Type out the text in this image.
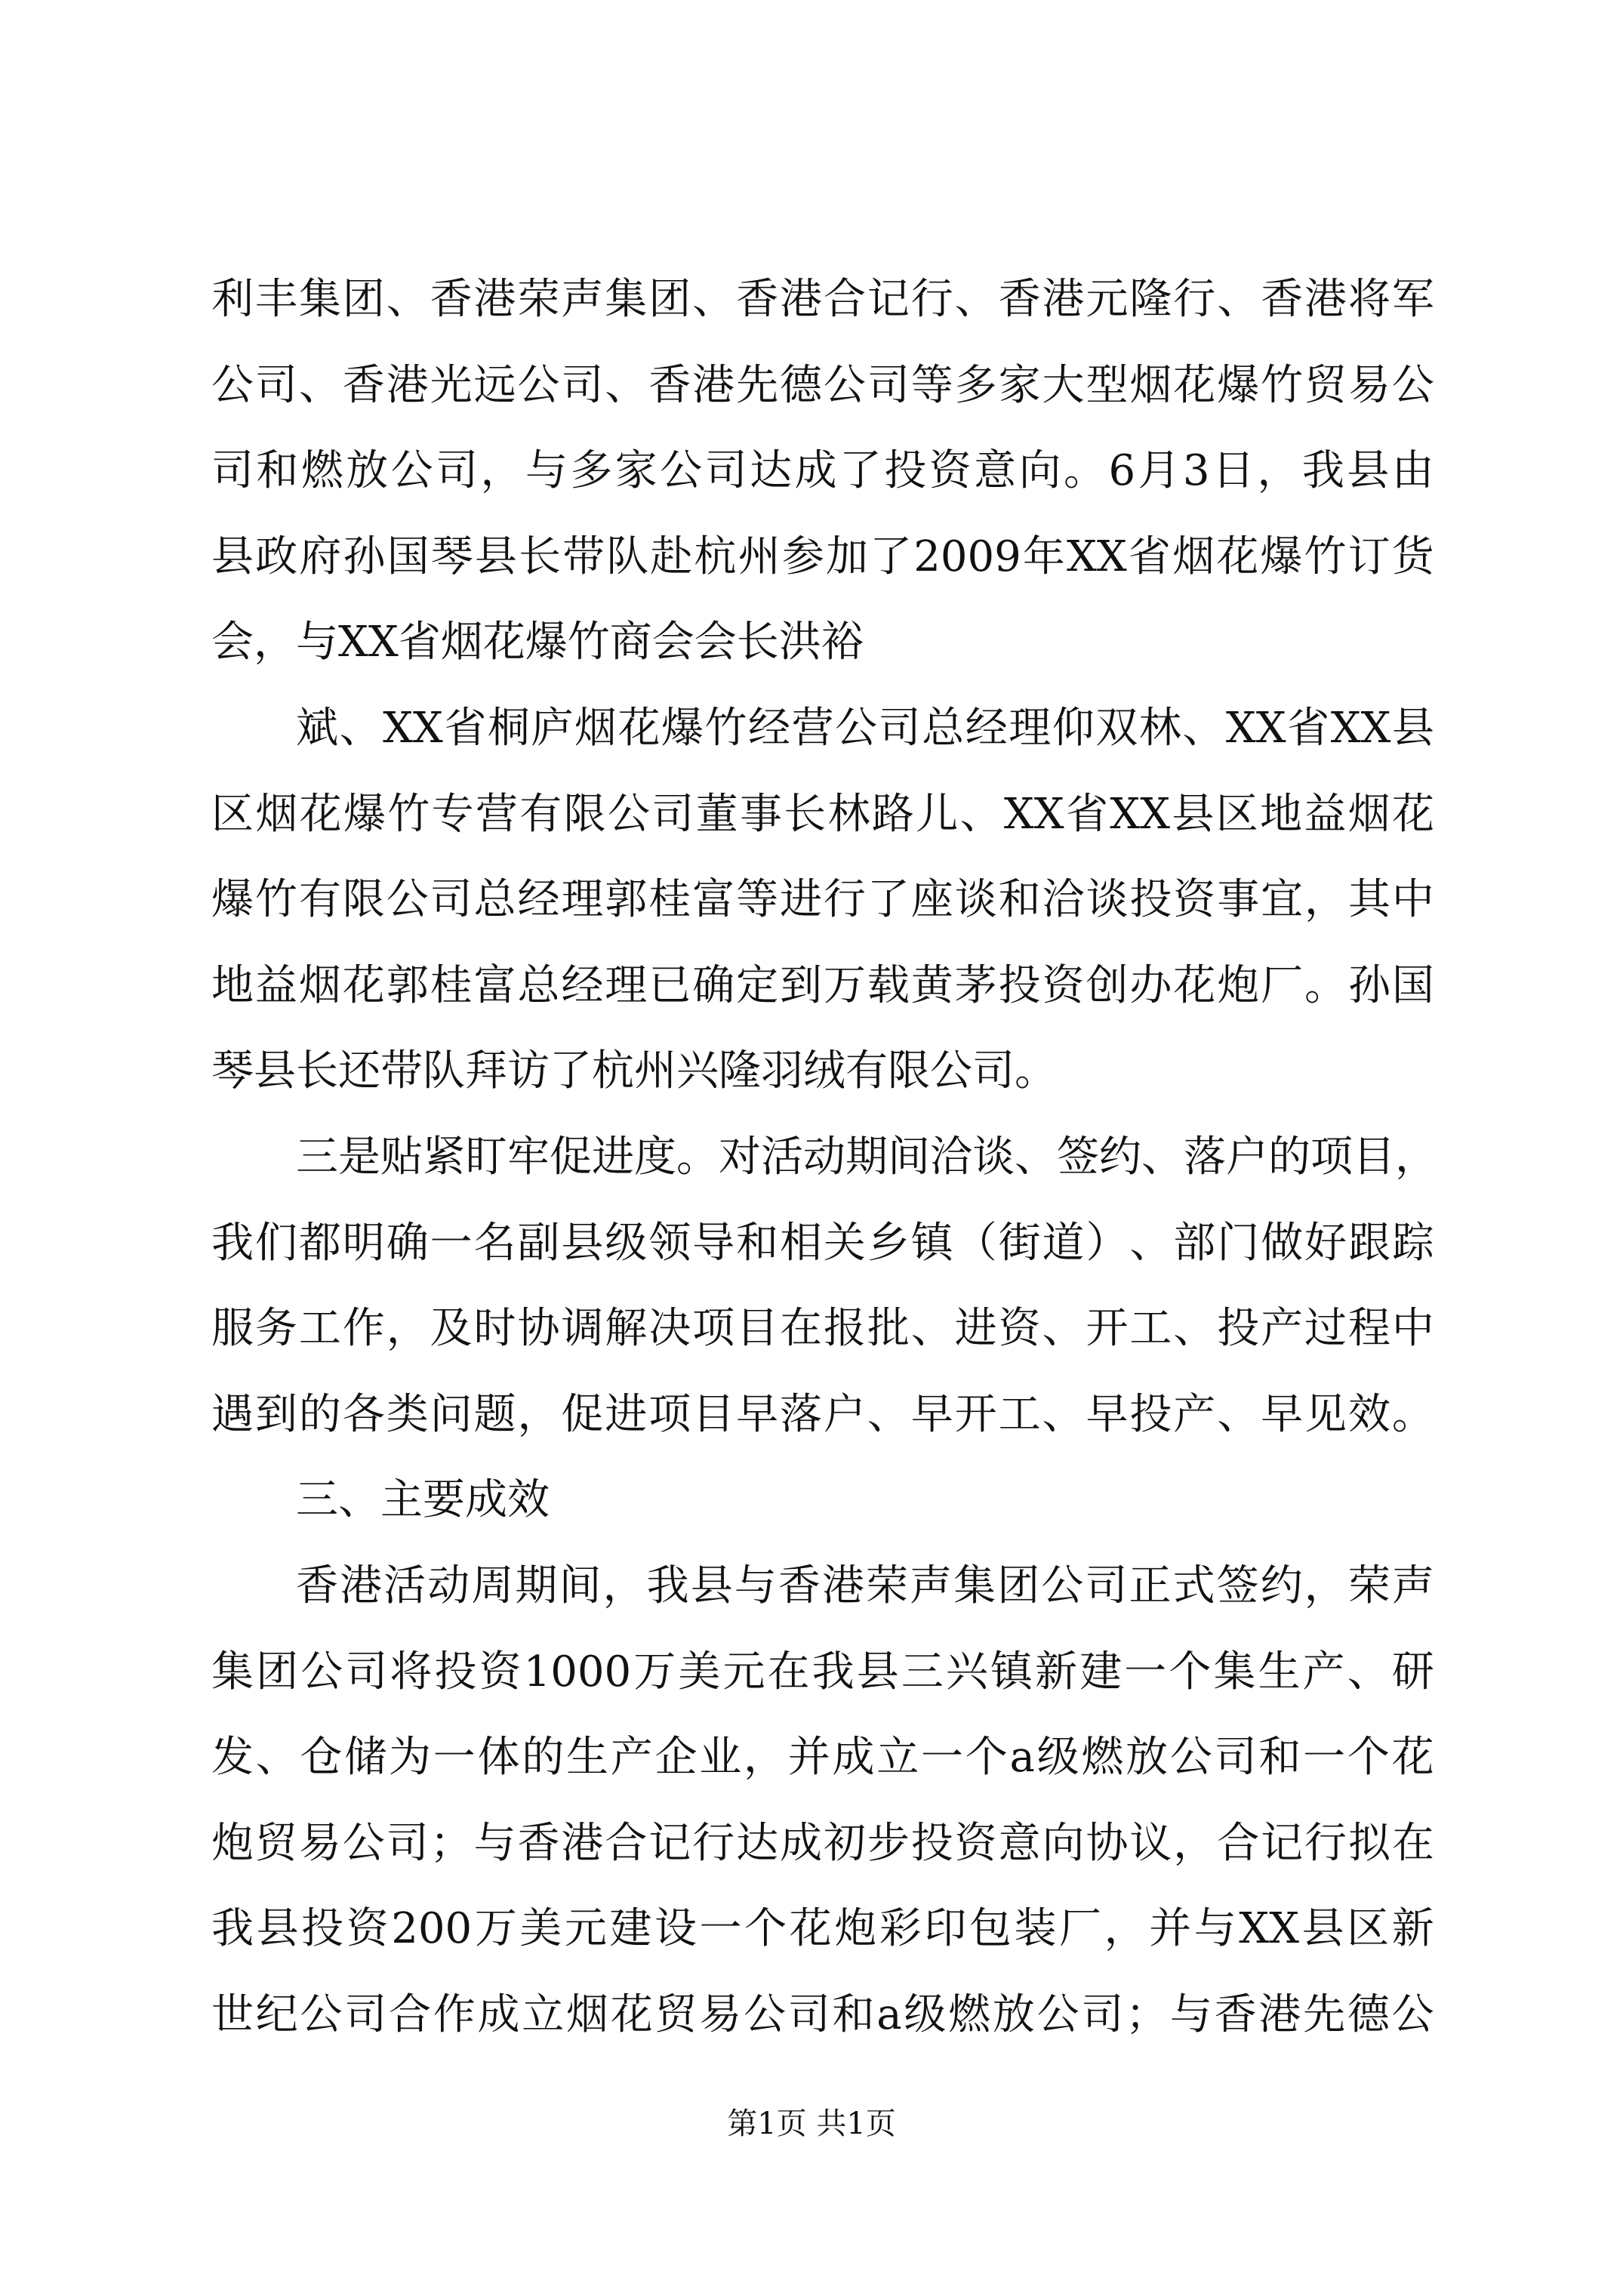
利 丰 集 团 、 香 港 荣 声 集 团 、 香 港 合 记 行 、 香 港 元 隆 行 、 香 港 将 军
公 司 、 香 港 光 远 公 司 、 香 港 先 德 公 司 等 多 家 大 型 烟 花 爆 竹 贸 易 公
司 和 燃 放 公 司 ， 与 多 家 公 司 达 成 了 投 资 意 向 。 6 月 3 日 ， 我 县 由
县 政 府 孙 国 琴 县 长 带 队 赴 杭 州 参 加 了 2009 年 XX 省 烟 花 爆 竹 订 货
会，与XX省烟花爆竹商会会长洪裕
斌 、 XX 省 桐 庐 烟 花 爆 竹 经 营 公 司 总 经 理 仰 双 林 、 XX 省 XX 县
区 烟 花 爆 竹 专 营 有 限 公 司 董 事 长 林 路 儿 、 XX 省 XX 县 区 地 益 烟 花
爆 竹 有 限 公 司 总 经 理 郭 桂 富 等 进 行 了 座 谈 和 洽 谈 投 资 事 宜 ， 其 中
地 益 烟 花 郭 桂 富 总 经 理 已 确 定 到 万 载 黄 茅 投 资 创 办 花 炮 厂 。 孙 国
琴县长还带队拜访了杭州兴隆羽绒有限公司。
三 是 贴 紧 盯 牢 促 进 度 。 对 活 动 期 间 洽 谈 、 签 约 、 落 户 的 项 目 ，
我 们 都 明 确 一 名 副 县 级 领 导 和 相 关 乡 镇 （ 街 道 ） 、 部 门 做 好 跟 踪
服 务 工 作 ， 及 时 协 调 解 决 项 目 在 报 批 、 进 资 、 开 工 、 投 产 过 程 中
遇 到 的 各 类 问 题 ， 促 进 项 目 早 落 户 、 早 开 工 、 早 投 产 、 早 见 效 。
三、主要成效
香 港 活 动 周 期 间 ， 我 县 与 香 港 荣 声 集 团 公 司 正 式 签 约 ， 荣 声
集 团 公 司 将 投 资 1000 万 美 元 在 我 县 三 兴 镇 新 建 一 个 集 生 产 、 研
发 、 仓 储 为 一 体 的 生 产 企 业 ， 并 成 立 一 个 a 级 燃 放 公 司 和 一 个 花
炮 贸 易 公 司 ； 与 香 港 合 记 行 达 成 初 步 投 资 意 向 协 议 ， 合 记 行 拟 在
我 县 投 资 200 万 美 元 建 设 一 个 花 炮 彩 印 包 装 厂 ， 并 与 XX 县 区 新
世 纪 公 司 合 作 成 立 烟 花 贸 易 公 司 和 a 级 燃 放 公 司 ； 与 香 港 先 德 公
第1页 共1页
